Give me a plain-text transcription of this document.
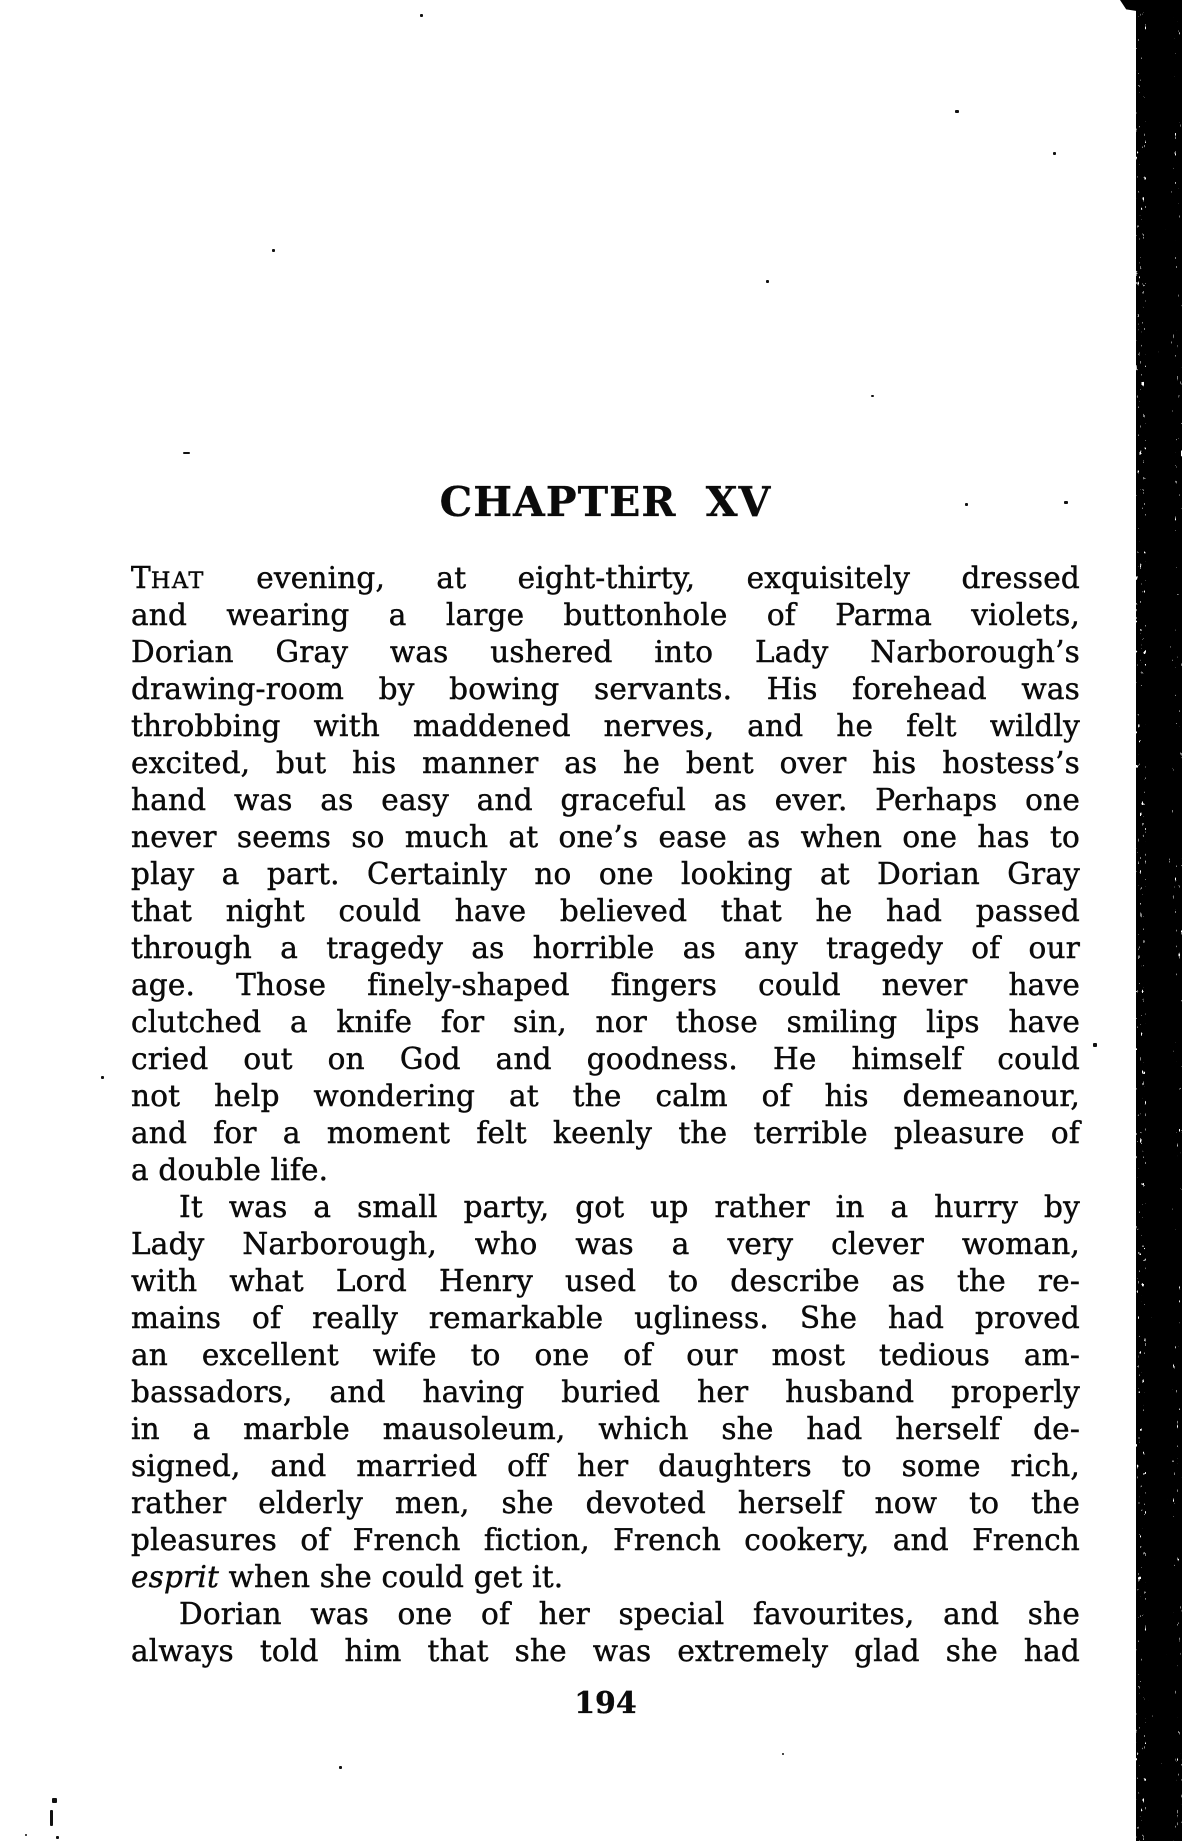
CHAPTER XV
THAT evening, at eight-thirty, exquisitely dressed
and wearing a large buttonhole of Parma violets,
Dorian Gray was ushered into Lady Narborough’s
drawing-room by bowing servants. His forehead was
throbbing with maddened nerves, and he felt wildly
excited, but his manner as he bent over his hostess’s
hand was as easy and graceful as ever. Perhaps one
never seems so much at one’s ease as when one has to
play a part. Certainly no one looking at Dorian Gray
that night could have believed that he had passed
through a tragedy as horrible as any tragedy of our
age. Those finely-shaped fingers could never have
clutched a knife for sin, nor those smiling lips have
cried out on God and goodness. He himself could
not help wondering at the calm of his demeanour,
and for a moment felt keenly the terrible pleasure of
a double life.
It was a small party, got up rather in a hurry by
Lady Narborough, who was a very clever woman,
with what Lord Henry used to describe as the re-
mains of really remarkable ugliness. She had proved
an excellent wife to one of our most tedious am-
bassadors, and having buried her husband properly
in a marble mausoleum, which she had herself de-
signed, and married off her daughters to some rich,
rather elderly men, she devoted herself now to the
pleasures of French fiction, French cookery, and French
esprit when she could get it.
Dorian was one of her special favourites, and she
always told him that she was extremely glad she had
194
